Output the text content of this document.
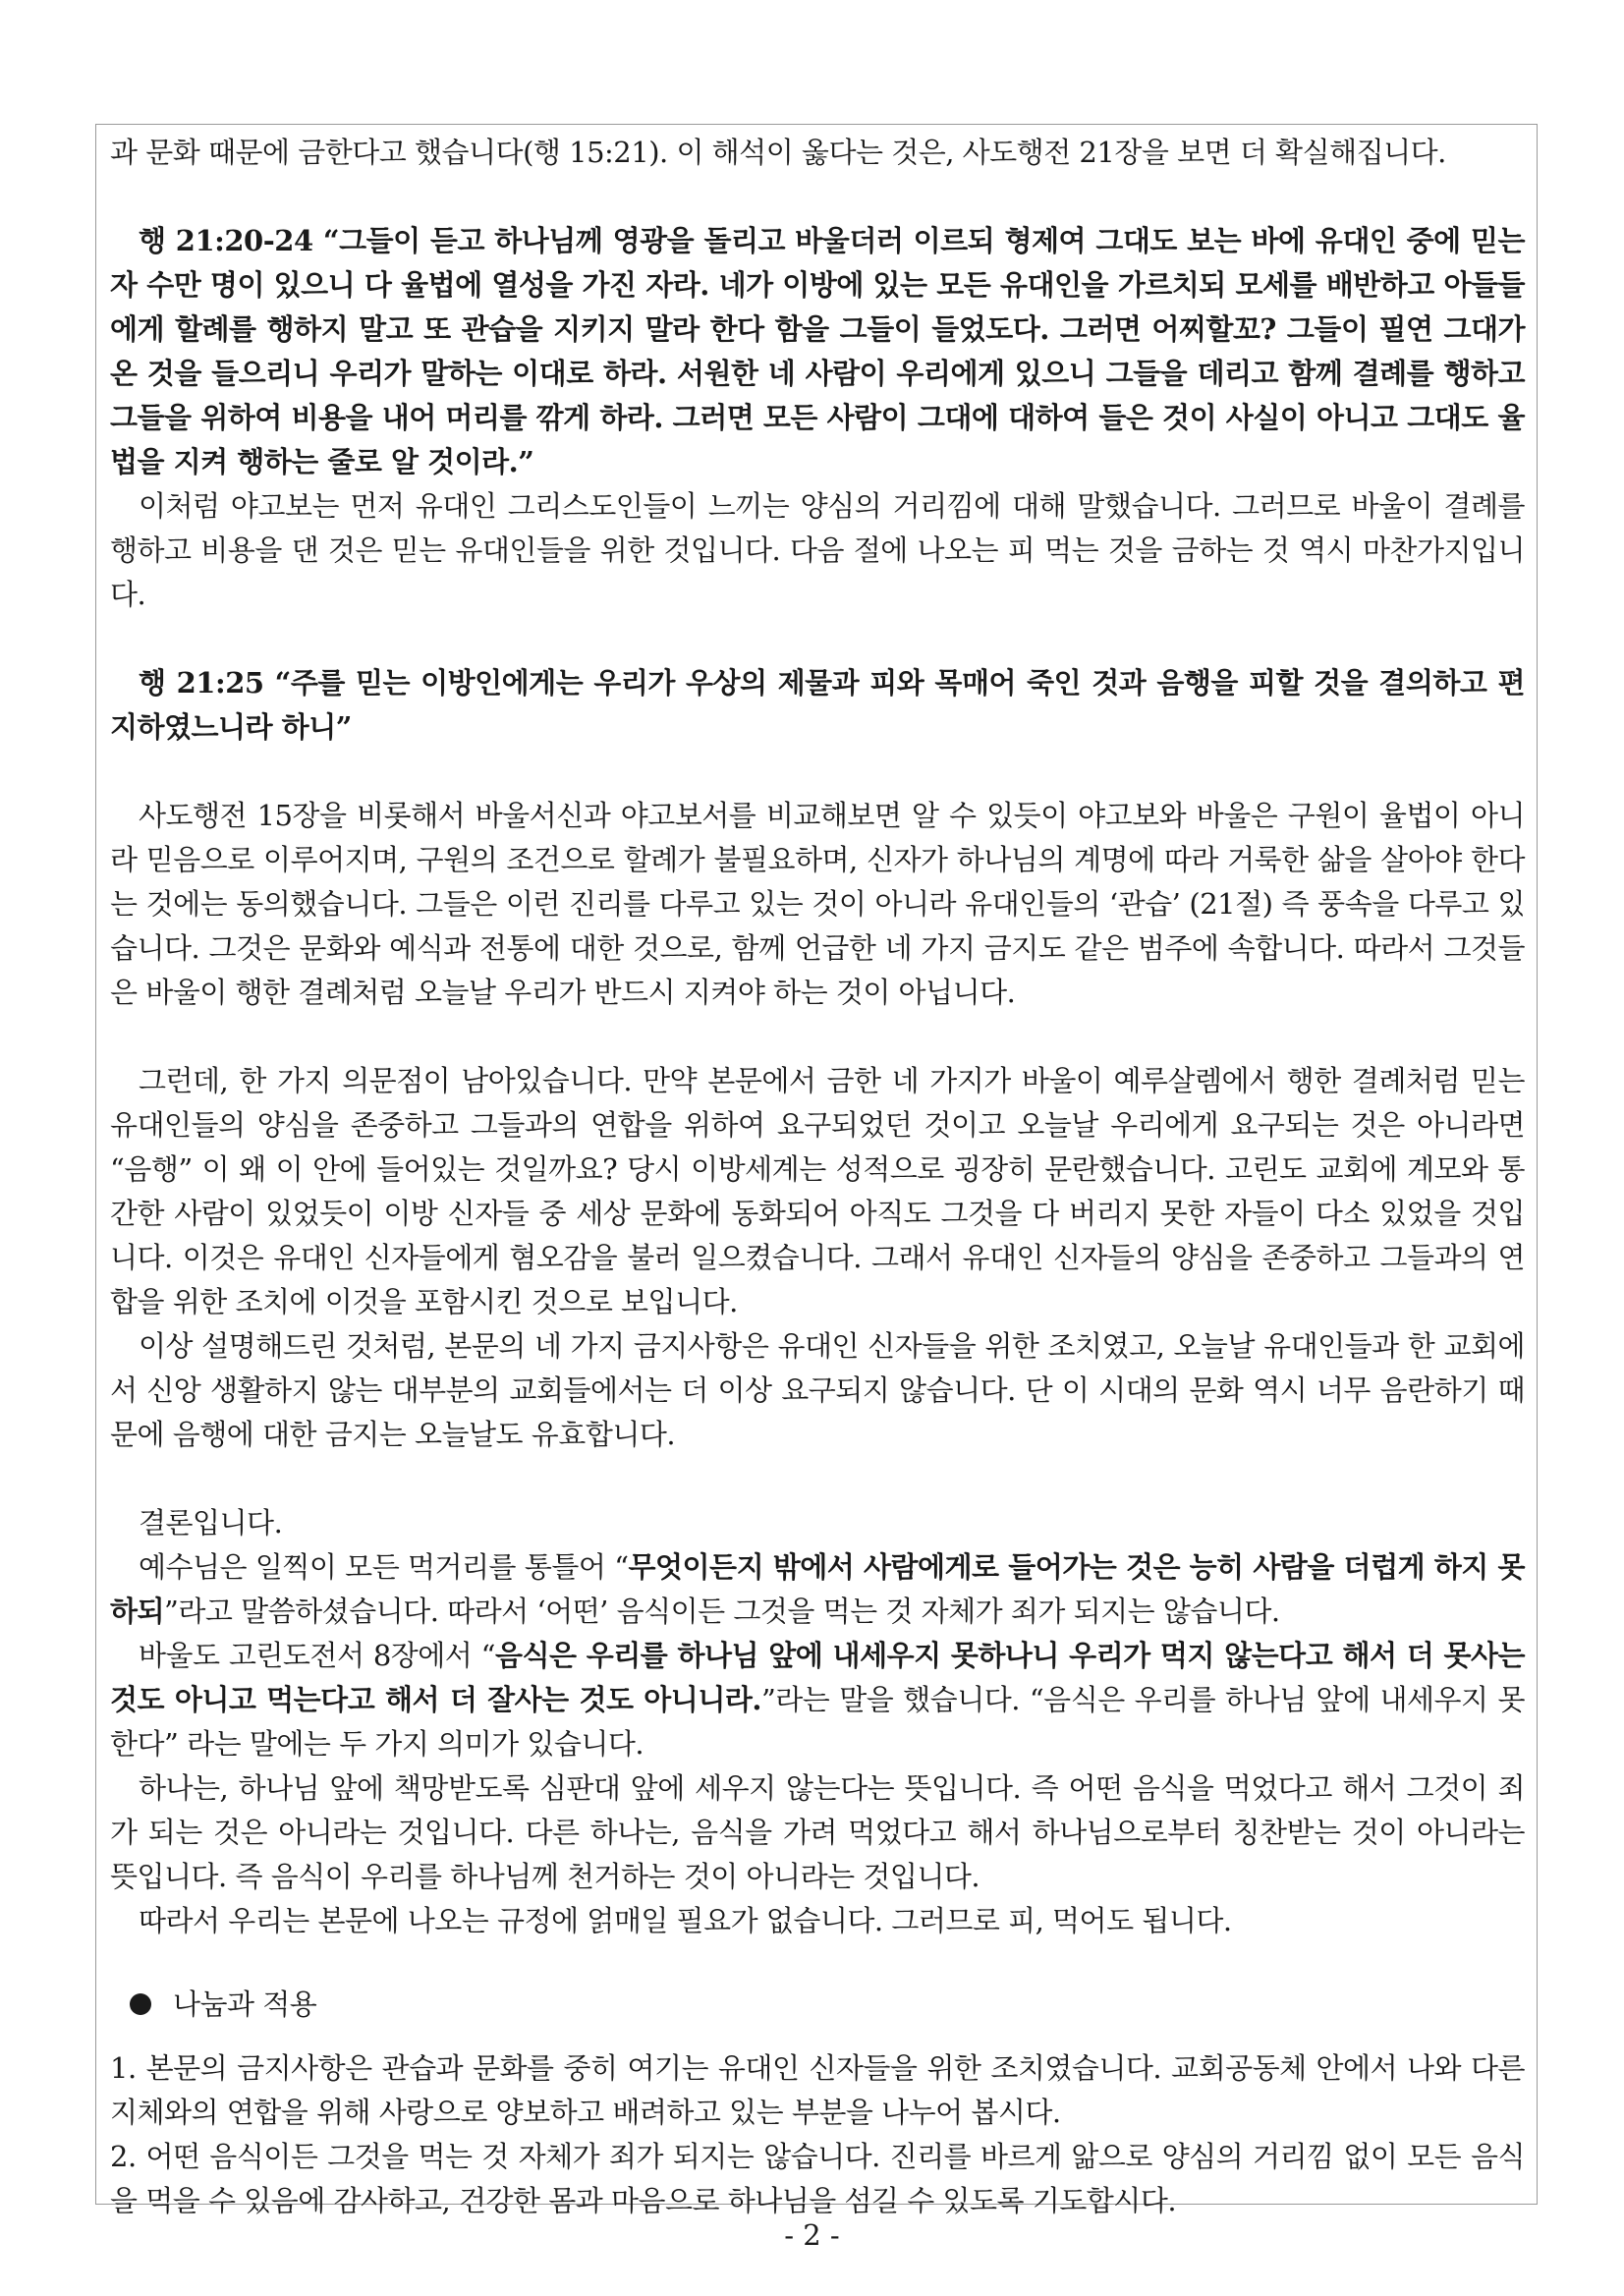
과 문화 때문에 금한다고 했습니다(행 15:21). 이 해석이 옳다는 것은, 사도행전 21장을 보면 더 확실해집니다.

행 21:20-24 “그들이 듣고 하나님께 영광을 돌리고 바울더러 이르되 형제여 그대도 보는 바에 유대인 중에 믿는 자 수만 명이 있으니 다 율법에 열성을 가진 자라. 네가 이방에 있는 모든 유대인을 가르치되 모세를 배반하고 아들들에게 할례를 행하지 말고 또 관습을 지키지 말라 한다 함을 그들이 들었도다. 그러면 어찌할꼬? 그들이 필연 그대가 온 것을 들으리니 우리가 말하는 이대로 하라. 서원한 네 사람이 우리에게 있으니 그들을 데리고 함께 결례를 행하고 그들을 위하여 비용을 내어 머리를 깎게 하라. 그러면 모든 사람이 그대에 대하여 들은 것이 사실이 아니고 그대도 율법을 지켜 행하는 줄로 알 것이라.”

이처럼 야고보는 먼저 유대인 그리스도인들이 느끼는 양심의 거리낌에 대해 말했습니다. 그러므로 바울이 결례를 행하고 비용을 댄 것은 믿는 유대인들을 위한 것입니다. 다음 절에 나오는 피 먹는 것을 금하는 것 역시 마찬가지입니다.

행 21:25 “주를 믿는 이방인에게는 우리가 우상의 제물과 피와 목매어 죽인 것과 음행을 피할 것을 결의하고 편지하였느니라 하니”

사도행전 15장을 비롯해서 바울서신과 야고보서를 비교해보면 알 수 있듯이 야고보와 바울은 구원이 율법이 아니라 믿음으로 이루어지며, 구원의 조건으로 할례가 불필요하며, 신자가 하나님의 계명에 따라 거룩한 삶을 살아야 한다는 것에는 동의했습니다. 그들은 이런 진리를 다루고 있는 것이 아니라 유대인들의 ‘관습’ (21절) 즉 풍속을 다루고 있습니다. 그것은 문화와 예식과 전통에 대한 것으로, 함께 언급한 네 가지 금지도 같은 범주에 속합니다. 따라서 그것들은 바울이 행한 결례처럼 오늘날 우리가 반드시 지켜야 하는 것이 아닙니다.

그런데, 한 가지 의문점이 남아있습니다. 만약 본문에서 금한 네 가지가 바울이 예루살렘에서 행한 결례처럼 믿는 유대인들의 양심을 존중하고 그들과의 연합을 위하여 요구되었던 것이고 오늘날 우리에게 요구되는 것은 아니라면 “음행” 이 왜 이 안에 들어있는 것일까요? 당시 이방세계는 성적으로 굉장히 문란했습니다. 고린도 교회에 계모와 통간한 사람이 있었듯이 이방 신자들 중 세상 문화에 동화되어 아직도 그것을 다 버리지 못한 자들이 다소 있었을 것입니다. 이것은 유대인 신자들에게 혐오감을 불러 일으켰습니다. 그래서 유대인 신자들의 양심을 존중하고 그들과의 연합을 위한 조치에 이것을 포함시킨 것으로 보입니다.

이상 설명해드린 것처럼, 본문의 네 가지 금지사항은 유대인 신자들을 위한 조치였고, 오늘날 유대인들과 한 교회에서 신앙 생활하지 않는 대부분의 교회들에서는 더 이상 요구되지 않습니다. 단 이 시대의 문화 역시 너무 음란하기 때문에 음행에 대한 금지는 오늘날도 유효합니다.

결론입니다.

예수님은 일찍이 모든 먹거리를 통틀어 “무엇이든지 밖에서 사람에게로 들어가는 것은 능히 사람을 더럽게 하지 못하되”라고 말씀하셨습니다. 따라서 ‘어떤’ 음식이든 그것을 먹는 것 자체가 죄가 되지는 않습니다.

바울도 고린도전서 8장에서 “음식은 우리를 하나님 앞에 내세우지 못하나니 우리가 먹지 않는다고 해서 더 못사는 것도 아니고 먹는다고 해서 더 잘사는 것도 아니니라.”라는 말을 했습니다. “음식은 우리를 하나님 앞에 내세우지 못한다” 라는 말에는 두 가지 의미가 있습니다.

하나는, 하나님 앞에 책망받도록 심판대 앞에 세우지 않는다는 뜻입니다. 즉 어떤 음식을 먹었다고 해서 그것이 죄가 되는 것은 아니라는 것입니다. 다른 하나는, 음식을 가려 먹었다고 해서 하나님으로부터 칭찬받는 것이 아니라는 뜻입니다. 즉 음식이 우리를 하나님께 천거하는 것이 아니라는 것입니다.

따라서 우리는 본문에 나오는 규정에 얽매일 필요가 없습니다. 그러므로 피, 먹어도 됩니다.

나눔과 적용

1. 본문의 금지사항은 관습과 문화를 중히 여기는 유대인 신자들을 위한 조치였습니다. 교회공동체 안에서 나와 다른 지체와의 연합을 위해 사랑으로 양보하고 배려하고 있는 부분을 나누어 봅시다.

2. 어떤 음식이든 그것을 먹는 것 자체가 죄가 되지는 않습니다. 진리를 바르게 앎으로 양심의 거리낌 없이 모든 음식을 먹을 수 있음에 감사하고, 건강한 몸과 마음으로 하나님을 섬길 수 있도록 기도합시다.

- 2 -
